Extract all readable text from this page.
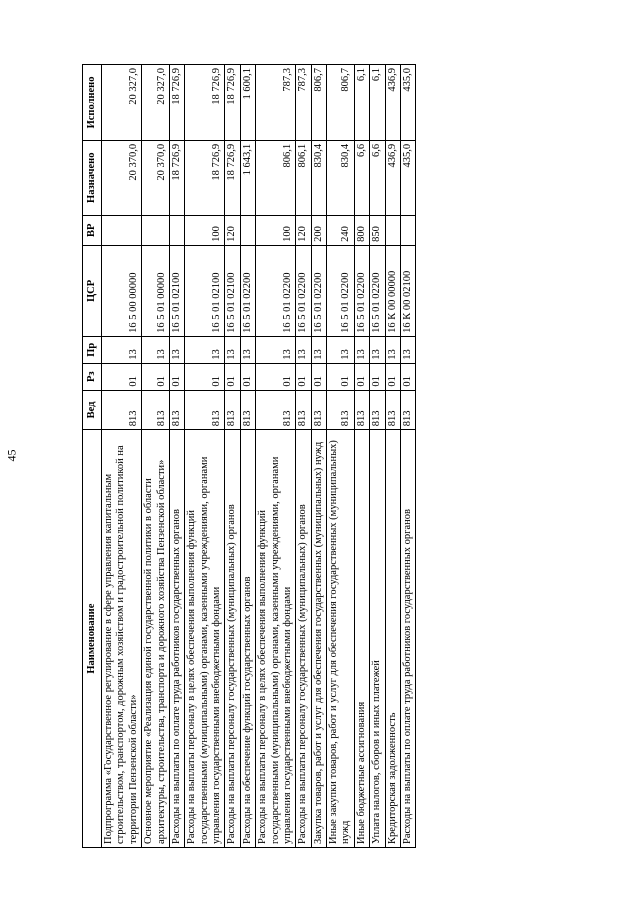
45
Наименование	Вед	Рз	Пр	ЦСР	ВР	Назначено	Исполнено
Подпрограмма «Государственное регулирование в сфере управления капитальным строительством, транспортом, дорожным хозяйством и градостроительной политикой на территории Пензенской области»	813	01	13	16 5 00 00000		20 370,0	20 327,0
Основное мероприятие «Реализация единой государственной политики в области архитектуры, строительства, транспорта и дорожного хозяйства Пензенской области»	813	01	13	16 5 01 00000		20 370,0	20 327,0
Расходы на выплаты по оплате труда работников государственных органов	813	01	13	16 5 01 02100		18 726,9	18 726,9
Расходы на выплаты персоналу в целях обеспечения выполнения функций государственными (муниципальными) органами, казенными учреждениями, органами управления государственными внебюджетными фондами	813	01	13	16 5 01 02100	100	18 726,9	18 726,9
Расходы на выплаты персоналу государственных (муниципальных) органов	813	01	13	16 5 01 02100	120	18 726,9	18 726,9
Расходы на обеспечение функций государственных органов	813	01	13	16 5 01 02200		1 643,1	1 600,1
Расходы на выплаты персоналу в целях обеспечения выполнения функций государственными (муниципальными) органами, казенными учреждениями, органами управления государственными внебюджетными фондами	813	01	13	16 5 01 02200	100	806,1	787,3
Расходы на выплаты персоналу государственных (муниципальных) органов	813	01	13	16 5 01 02200	120	806,1	787,3
Закупка товаров, работ и услуг для обеспечения государственных (муниципальных) нужд	813	01	13	16 5 01 02200	200	830,4	806,7
Иные закупки товаров, работ и услуг для обеспечения государственных (муниципальных) нужд	813	01	13	16 5 01 02200	240	830,4	806,7
Иные бюджетные ассигнования	813	01	13	16 5 01 02200	800	6,6	6,1
Уплата налогов, сборов и иных платежей	813	01	13	16 5 01 02200	850	6,6	6,1
Кредиторская задолженность	813	01	13	16 К 00 00000		436,9	436,9
Расходы на выплаты по оплате труда работников государственных органов	813	01	13	16 К 00 02100		435,0	435,0
